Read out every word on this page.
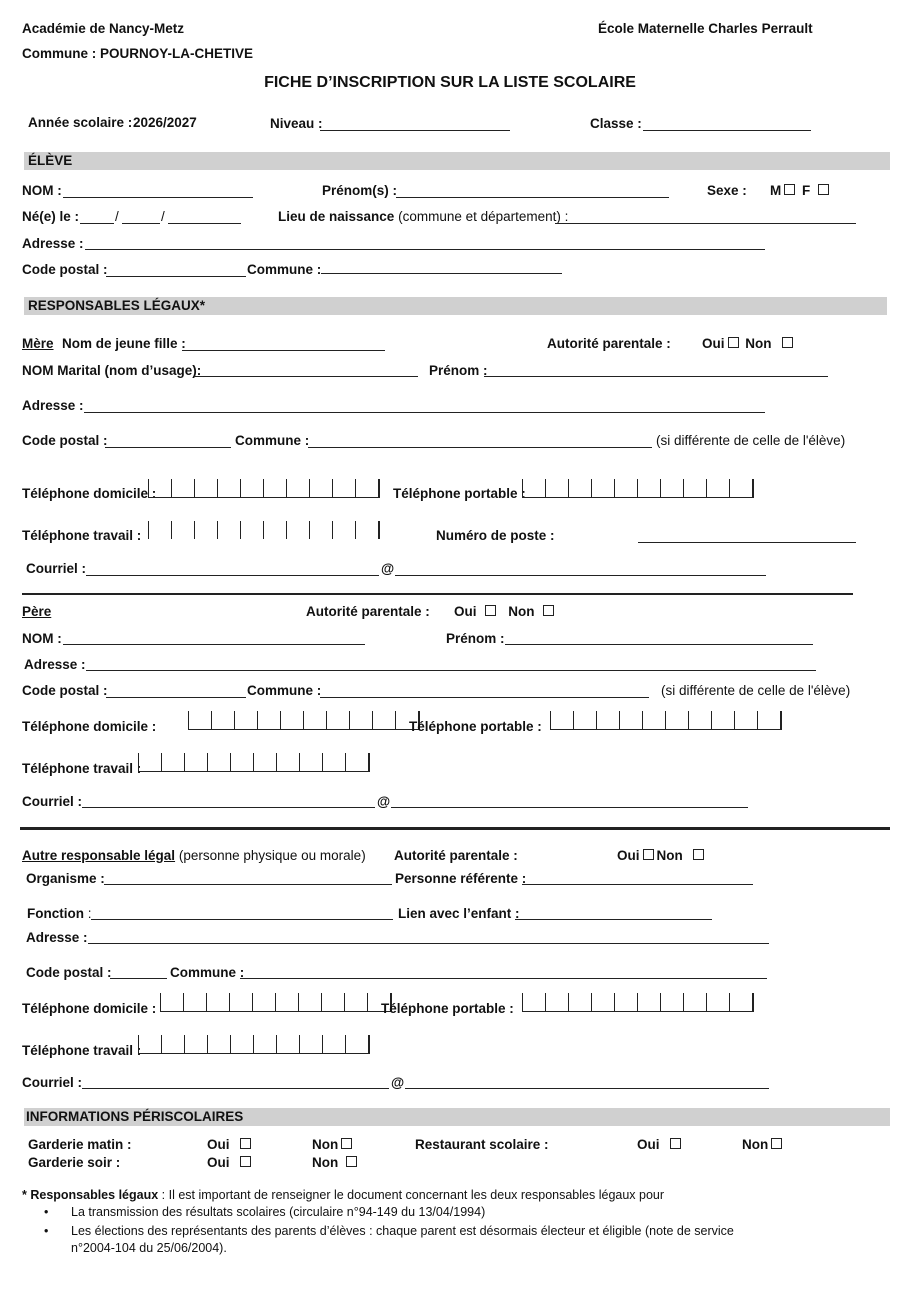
Académie de Nancy-Metz	École Maternelle Charles Perrault
Commune : POURNOY-LA-CHETIVE
FICHE D’INSCRIPTION SUR LA LISTE SCOLAIRE
Année scolaire : 2026/2027	Niveau :	Classe :
ÉLÈVE
NOM :	Prénom(s) :	Sexe : M F
Né(e) le :	/	/	Lieu de naissance (commune et département) :
Adresse :
Code postal :	Commune :
RESPONSABLES LÉGAUX*
Mère Nom de jeune fille :	Autorité parentale : Oui Non
NOM Marital (nom d’usage):	Prénom :
Adresse :
Code postal :	Commune :	(si différente de celle de l'élève)
Téléphone domicile :	Téléphone portable :
Téléphone travail :	Numéro de poste :
Courriel :	@
Père	Autorité parentale : Oui Non
NOM :	Prénom :
Adresse :
Code postal :	Commune :	(si différente de celle de l'élève)
Téléphone domicile :	Téléphone portable :
Téléphone travail :
Courriel :	@
Autre responsable légal (personne physique ou morale) Autorité parentale :	Oui Non
Organisme :	Personne référente :
Fonction :	Lien avec l’enfant :
Adresse :
Code postal :	Commune :
Téléphone domicile :	Téléphone portable :
Téléphone travail :
Courriel :	@
INFORMATIONS PÉRISCOLAIRES
Garderie matin :	Oui	Non	Restaurant scolaire :	Oui	Non
Garderie soir :	Oui	Non
* Responsables légaux : Il est important de renseigner le document concernant les deux responsables légaux pour
• La transmission des résultats scolaires (circulaire n°94-149 du 13/04/1994)
• Les élections des représentants des parents d’élèves : chaque parent est désormais électeur et éligible (note de service
n°2004-104 du 25/06/2004).
